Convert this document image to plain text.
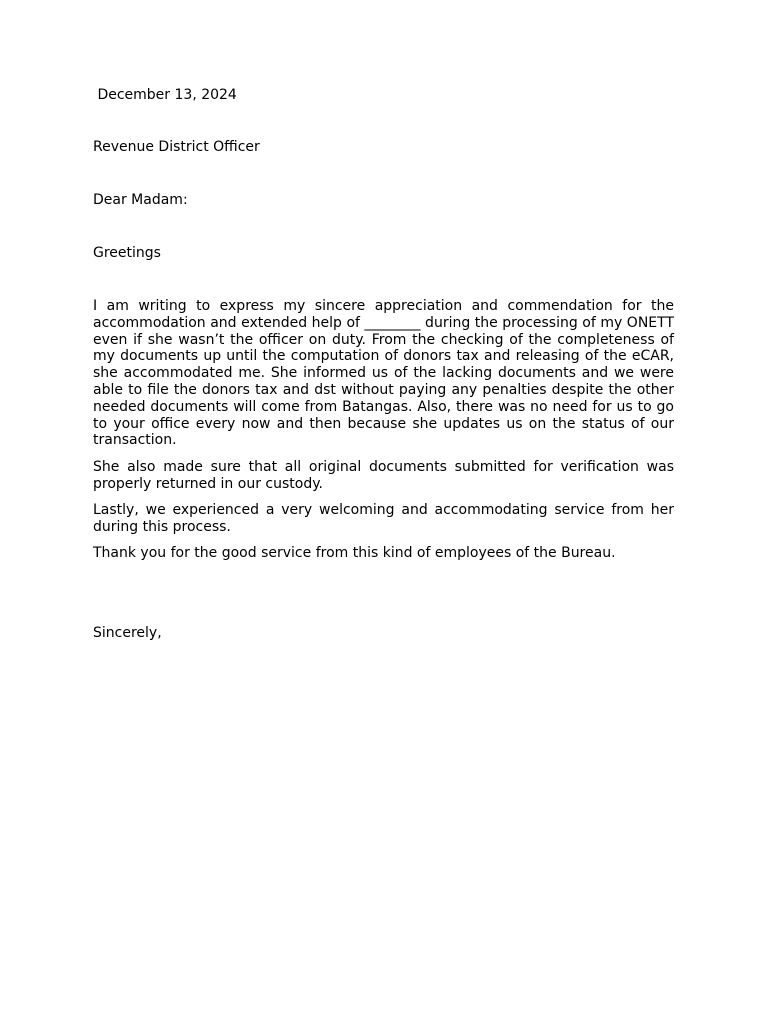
December 13, 2024

Revenue District Officer

Dear Madam:

Greetings

I am writing to express my sincere appreciation and commendation for the accommodation and extended help of ________ during the processing of my ONETT even if she wasn’t the officer on duty. From the checking of the completeness of my documents up until the computation of donors tax and releasing of the eCAR, she accommodated me. She informed us of the lacking documents and we were able to file the donors tax and dst without paying any penalties despite the other needed documents will come from Batangas. Also, there was no need for us to go to your office every now and then because she updates us on the status of our transaction.

She also made sure that all original documents submitted for verification was properly returned in our custody.

Lastly, we experienced a very welcoming and accommodating service from her during this process.

Thank you for the good service from this kind of employees of the Bureau.

Sincerely,
